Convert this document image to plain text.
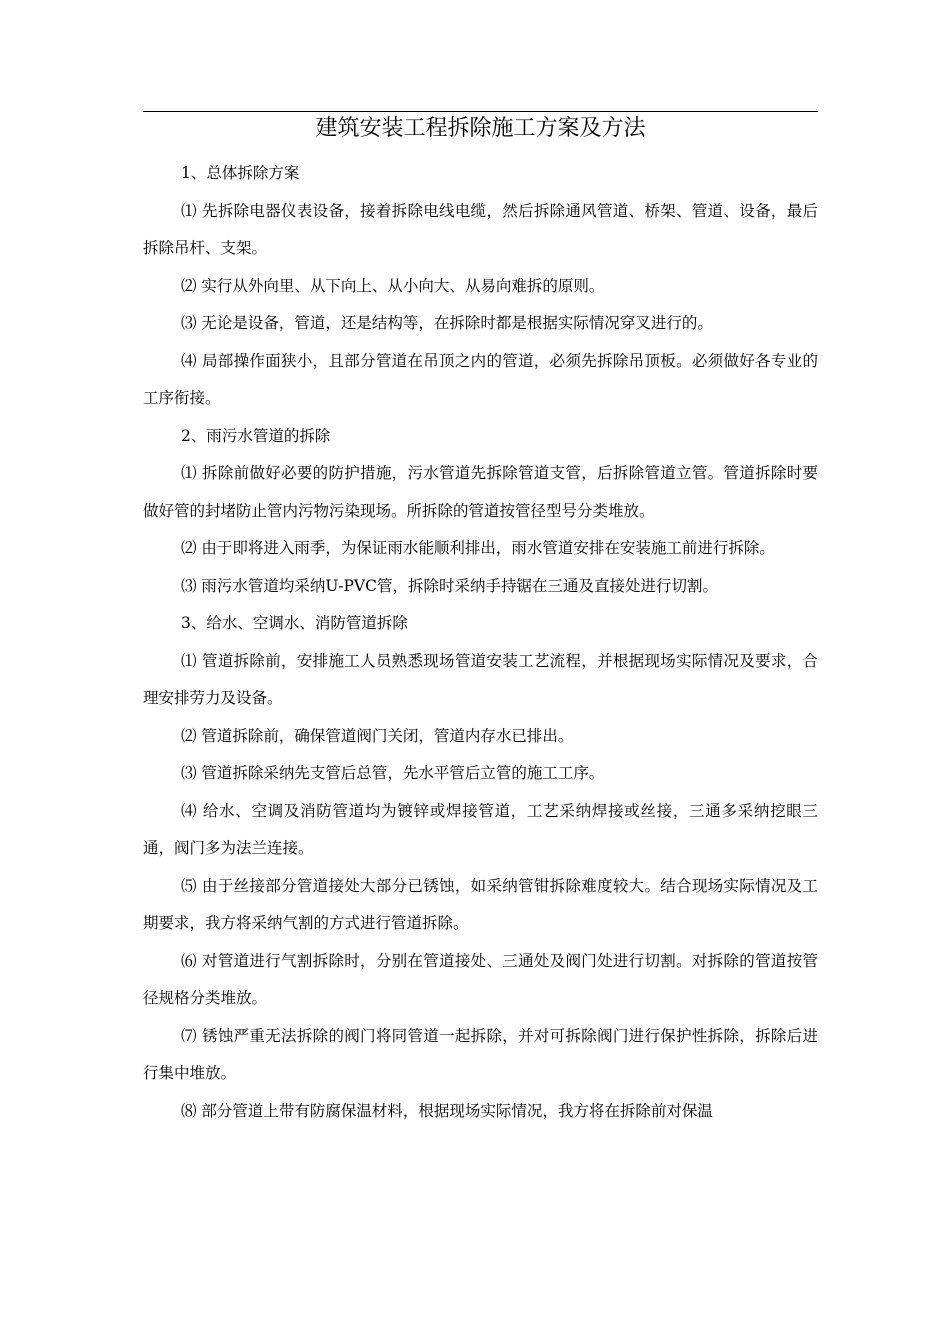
建筑安装工程拆除施工方案及方法

1、总体拆除方案

⑴ 先拆除电器仪表设备，接着拆除电线电缆，然后拆除通风管道、桥架、管道、设备，最后拆除吊杆、支架。

⑵ 实行从外向里、从下向上、从小向大、从易向难拆的原则。

⑶ 无论是设备，管道，还是结构等，在拆除时都是根据实际情况穿叉进行的。

⑷ 局部操作面狭小，且部分管道在吊顶之内的管道，必须先拆除吊顶板。必须做好各专业的工序衔接。

2、雨污水管道的拆除

⑴ 拆除前做好必要的防护措施，污水管道先拆除管道支管，后拆除管道立管。管道拆除时要做好管的封堵防止管内污物污染现场。所拆除的管道按管径型号分类堆放。

⑵ 由于即将进入雨季，为保证雨水能顺利排出，雨水管道安排在安装施工前进行拆除。

⑶ 雨污水管道均采纳U-PVC管，拆除时采纳手持锯在三通及直接处进行切割。

3、给水、空调水、消防管道拆除

⑴ 管道拆除前，安排施工人员熟悉现场管道安装工艺流程，并根据现场实际情况及要求，合理安排劳力及设备。

⑵ 管道拆除前，确保管道阀门关闭，管道内存水已排出。

⑶ 管道拆除采纳先支管后总管，先水平管后立管的施工工序。

⑷ 给水、空调及消防管道均为镀锌或焊接管道，工艺采纳焊接或丝接，三通多采纳挖眼三通，阀门多为法兰连接。

⑸ 由于丝接部分管道接处大部分已锈蚀，如采纳管钳拆除难度较大。结合现场实际情况及工期要求，我方将采纳气割的方式进行管道拆除。

⑹ 对管道进行气割拆除时，分别在管道接处、三通处及阀门处进行切割。对拆除的管道按管径规格分类堆放。

⑺ 锈蚀严重无法拆除的阀门将同管道一起拆除，并对可拆除阀门进行保护性拆除，拆除后进行集中堆放。

⑻ 部分管道上带有防腐保温材料，根据现场实际情况，我方将在拆除前对保温
